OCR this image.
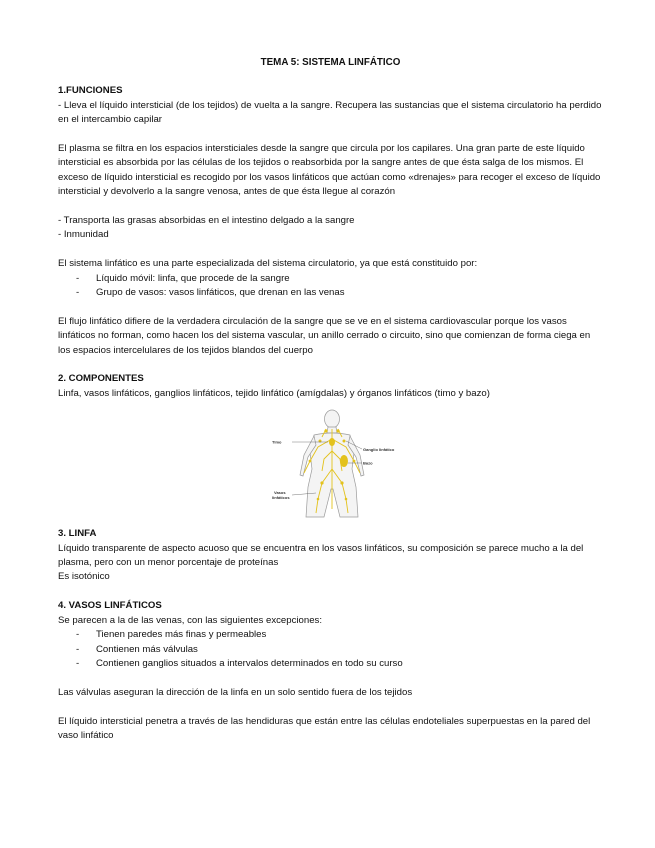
TEMA 5: SISTEMA LINFÁTICO

1.FUNCIONES

- Lleva el líquido intersticial (de los tejidos) de vuelta a la sangre. Recupera las sustancias que el sistema circulatorio ha perdido en el intercambio capilar

El plasma se filtra en los espacios intersticiales desde la sangre que circula por los capilares. Una gran parte de este líquido intersticial es absorbida por las células de los tejidos o reabsorbida por la sangre antes de que ésta salga de los mismos. El exceso de líquido intersticial es recogido por los vasos linfáticos que actúan como «drenajes» para recoger el exceso de líquido intersticial y devolverlo a la sangre venosa, antes de que ésta llegue al corazón

- Transporta las grasas absorbidas en el intestino delgado a la sangre

- Inmunidad

El sistema linfático es una parte especializada del sistema circulatorio, ya que está constituido por:

- Líquido móvil: linfa, que procede de la sangre
- Grupo de vasos: vasos linfáticos, que drenan en las venas

El flujo linfático difiere de la verdadera circulación de la sangre que se ve en el sistema cardiovascular porque los vasos linfáticos no forman, como hacen los del sistema vascular, un anillo cerrado o circuito, sino que comienzan de forma ciega en los espacios intercelulares de los tejidos blandos del cuerpo

2. COMPONENTES

Linfa, vasos linfáticos, ganglios linfáticos, tejido linfático (amígdalas) y órganos linfáticos (timo y bazo)

Timo
Ganglio linfático
Bazo
Vasos
linfáticos

3. LINFA

Líquido transparente de aspecto acuoso que se encuentra en los vasos linfáticos, su composición se parece mucho a la del plasma, pero con un menor porcentaje de proteínas

Es isotónico

4. VASOS LINFÁTICOS

Se parecen a la de las venas, con las siguientes excepciones:

- Tienen paredes más finas y permeables
- Contienen más válvulas
- Contienen ganglios situados a intervalos determinados en todo su curso

Las válvulas aseguran la dirección de la linfa en un solo sentido fuera de los tejidos

El líquido intersticial penetra a través de las hendiduras que están entre las células endoteliales superpuestas en la pared del vaso linfático
